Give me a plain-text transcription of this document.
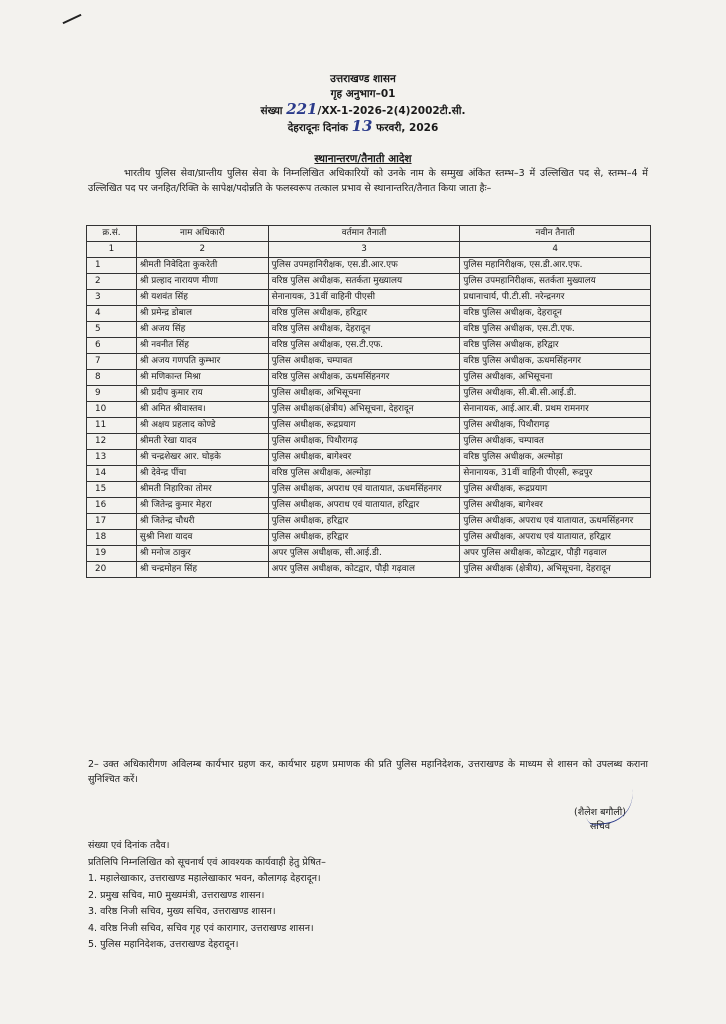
उत्तराखण्ड शासन
गृह अनुभाग–01
संख्या 221/XX-1-2026-2(4)2002टी.सी.
देहरादूनः दिनांक 13 फरवरी, 2026
स्थानान्तरण/तैनाती आदेश
भारतीय पुलिस सेवा/प्रान्तीय पुलिस सेवा के निम्नलिखित अधिकारियों को उनके नाम के सम्मुख अंकित स्तम्भ–3 में उल्लिखित पद से, स्तम्भ–4 में उल्लिखित पद पर जनहित/रिक्ति के सापेक्ष/पदोन्नति के फलस्वरूप तत्काल प्रभाव से स्थानान्तरित/तैनात किया जाता हैः–
क्र.सं.	नाम अधिकारी	वर्तमान तैनाती	नवीन तैनाती
1	2	3	4
1	श्रीमती निवेदिता कुकरेती	पुलिस उपमहानिरीक्षक, एस.डी.आर.एफ	पुलिस महानिरीक्षक, एस.डी.आर.एफ.
2	श्री प्रल्हाद नारायण मीणा	वरिष्ठ पुलिस अधीक्षक, सतर्कता मुख्यालय	पुलिस उपमहानिरीक्षक, सतर्कता मुख्यालय
3	श्री यशवंत सिंह	सेनानायक, 31वीं वाहिनी पीएसी	प्रधानाचार्य, पी.टी.सी. नरेन्द्रनगर
4	श्री प्रमेन्द्र डोबाल	वरिष्ठ पुलिस अधीक्षक, हरिद्वार	वरिष्ठ पुलिस अधीक्षक, देहरादून
5	श्री अजय सिंह	वरिष्ठ पुलिस अधीक्षक, देहरादून	वरिष्ठ पुलिस अधीक्षक, एस.टी.एफ.
6	श्री नवनीत सिंह	वरिष्ठ पुलिस अधीक्षक, एस.टी.एफ.	वरिष्ठ पुलिस अधीक्षक, हरिद्वार
7	श्री अजय गणपति कुम्भार	पुलिस अधीक्षक, चम्पावत	वरिष्ठ पुलिस अधीक्षक, ऊधमसिंहनगर
8	श्री मणिकान्त मिश्रा	वरिष्ठ पुलिस अधीक्षक, ऊधमसिंहनगर	पुलिस अधीक्षक, अभिसूचना
9	श्री प्रदीप कुमार राय	पुलिस अधीक्षक, अभिसूचना	पुलिस अधीक्षक, सी.बी.सी.आई.डी.
10	श्री अमित श्रीवास्तव।	पुलिस अधीक्षक(क्षेत्रीय) अभिसूचना, देहरादून	सेनानायक, आई.आर.बी. प्रथम रामनगर
11	श्री अक्षय प्रहलाद कोण्डे	पुलिस अधीक्षक, रूद्रप्रयाग	पुलिस अधीक्षक, पिथौरागढ़
12	श्रीमती रेखा यादव	पुलिस अधीक्षक, पिथौरागढ़	पुलिस अधीक्षक, चम्पावत
13	श्री चन्द्रशेखर आर. घोड़के	पुलिस अधीक्षक, बागेश्वर	वरिष्ठ पुलिस अधीक्षक, अल्मोड़ा
14	श्री देवेन्द्र पींचा	वरिष्ठ पुलिस अधीक्षक, अल्मोड़ा	सेनानायक, 31वीं वाहिनी पीएसी, रूद्रपुर
15	श्रीमती निहारिका तोमर	पुलिस अधीक्षक, अपराध एवं यातायात, ऊधमसिंहनगर	पुलिस अधीक्षक, रूद्रप्रयाग
16	श्री जितेन्द्र कुमार मेहरा	पुलिस अधीक्षक, अपराध एवं यातायात, हरिद्वार	पुलिस अधीक्षक, बागेश्वर
17	श्री जितेन्द्र चौधरी	पुलिस अधीक्षक, हरिद्वार	पुलिस अधीक्षक, अपराध एवं यातायात, ऊधमसिंहनगर
18	सुश्री निशा यादव	पुलिस अधीक्षक, हरिद्वार	पुलिस अधीक्षक, अपराध एवं यातायात, हरिद्वार
19	श्री मनोज ठाकुर	अपर पुलिस अधीक्षक, सी.आई.डी.	अपर पुलिस अधीक्षक, कोटद्वार, पौड़ी गढ़वाल
20	श्री चन्द्रमोहन सिंह	अपर पुलिस अधीक्षक, कोटद्वार, पौड़ी गढ़वाल	पुलिस अधीक्षक (क्षेत्रीय), अभिसूचना, देहरादून
2– उक्त अधिकारीगण अविलम्ब कार्यभार ग्रहण कर, कार्यभार ग्रहण प्रमाणक की प्रति पुलिस महानिदेशक, उत्तराखण्ड के माध्यम से शासन को उपलब्ध कराना सुनिश्चित करें।
(शैलेश बगौली)
सचिव
संख्या एवं दिनांक तदैव।
प्रतिलिपि निम्नलिखित को सूचनार्थ एवं आवश्यक कार्यवाही हेतु प्रेषित–
1. महालेखाकार, उत्तराखण्ड महालेखाकार भवन, कौलागढ़ देहरादून।
2. प्रमुख सचिव, मा0 मुख्यमंत्री, उत्तराखण्ड शासन।
3. वरिष्ठ निजी सचिव, मुख्य सचिव, उत्तराखण्ड शासन।
4. वरिष्ठ निजी सचिव, सचिव गृह एवं कारागार, उत्तराखण्ड शासन।
5. पुलिस महानिदेशक, उत्तराखण्ड देहरादून।
